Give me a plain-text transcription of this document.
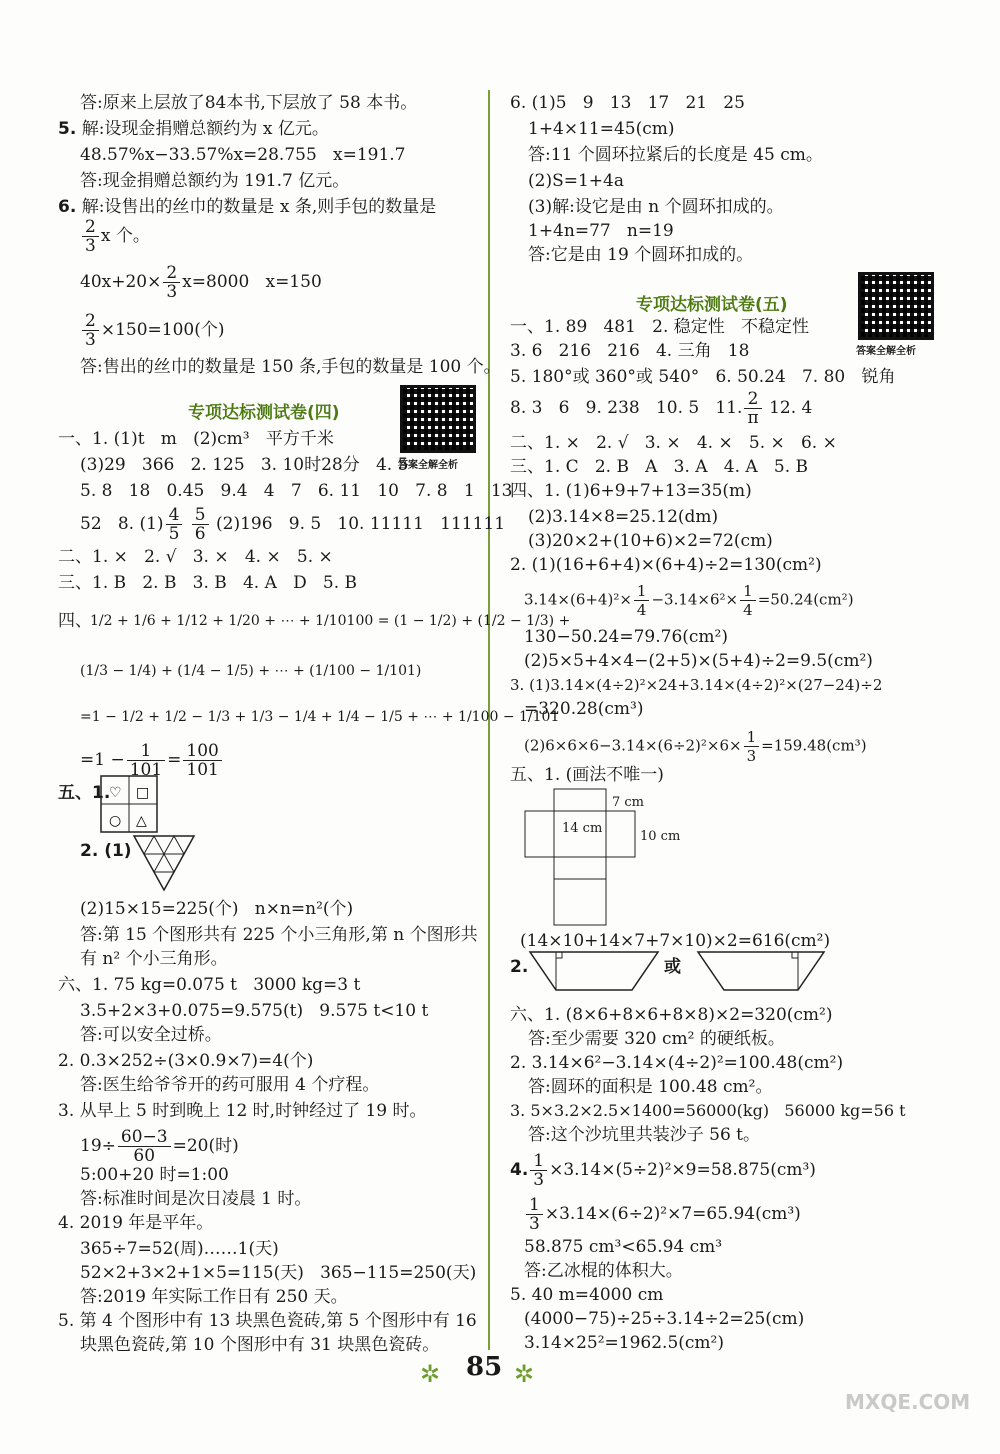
答:原来上层放了84本书,下层放了 58 本书。
5. 解:设现金捐赠总额约为 x 亿元。
48.57%x−33.57%x=28.755   x=191.7
答:现金捐赠总额约为 191.7 亿元。
6. 解:设售出的丝巾的数量是 x 条,则手包的数量是
$\frac{2}{3}$ x 个。
$40x+20\times \frac{2}{3} x=8000$   x=150
$\frac{2}{3} \times 150=100$(个)
答:售出的丝巾的数量是 150 条,手包的数量是 100 个。
专项达标测试卷(四)
答案全解全析
一、1. (1)t   m   (2)cm³   平方千米
(3)29   366   2. 125   3. 10时28分   4. 5
5. 8   18   0.45   9.4   4   7   6. 11   10   7. 8   1   13
52   8. $(1) \frac{4}{5}$
$\frac{5}{6} (2)196$   9. 5   10. 11111   111111
二、1. ×   2. √   3. ×   4. ×   5. ×
三、1. B   2. B   3. B   4. A   D   5. B
四、
1/2 + 1/6 + 1/12 + 1/20 + ⋯ + 1/10100 = (1 − 1/2) + (1/2 − 1/3) +
(1/3 − 1/4) + (1/4 − 1/5) + ⋯ + (1/100 − 1/101)
=1 − 1/2 + 1/2 − 1/3 + 1/3 − 1/4 + 1/4 − 1/5 + ⋯ + 1/100 − 1/101
$=1 - \frac{1}{101} = \frac{100}{101}$
五、1.
♡ □
○ △
2. (1)
(2)15×15=225(个)   n×n=n²(个)
答:第 15 个图形共有 225 个小三角形,第 n 个图形共
有 n² 个小三角形。
六、1. 75 kg=0.075 t   3000 kg=3 t
3.5+2×3+0.075=9.575(t)   9.575 t<10 t
答:可以安全过桥。
2. 0.3×252÷(3×0.9×7)=4(个)
答:医生给爷爷开的药可服用 4 个疗程。
3. 从早上 5 时到晚上 12 时,时钟经过了 19 时。
$19\div \frac{60-3}{60} =20$(时)
5:00+20 时=1:00
答:标准时间是次日凌晨 1 时。
4. 2019 年是平年。
365÷7=52(周)……1(天)
52×2+3×2+1×5=115(天)   365−115=250(天)
答:2019 年实际工作日有 250 天。
5. 第 4 个图形中有 13 块黑色瓷砖,第 5 个图形中有 16
块黑色瓷砖,第 10 个图形中有 31 块黑色瓷砖。
6. (1)5   9   13   17   21   25
1+4×11=45(cm)
答:11 个圆环拉紧后的长度是 45 cm。
(2)S=1+4a
(3)解:设它是由 n 个圆环扣成的。
1+4n=77   n=19
答:它是由 19 个圆环扣成的。
专项达标测试卷(五)
答案全解全析
一、1. 89   481   2. 稳定性   不稳定性
3. 6   216   216   4. 三角   18
5. 180°或 360°或 540°   6. 50.24   7. 80   锐角
8. 3   6   9. 238   10. 5   11. $\frac{2}{\pi} 12$. 4
二、1. ×   2. √   3. ×   4. ×   5. ×   6. ×
三、1. C   2. B   A   3. A   4. A   5. B
四、1. (1)6+9+7+13=35(m)
(2)3.14×8=25.12(dm)
(3)20×2+(10+6)×2=72(cm)
2. (1)(16+6+4)×(6+4)÷2=130(cm²)
$3.14\times(6+4)^2\times \frac{1}{4} -3.14\times 6^2\times \frac{1}{4} =50.24(cm^2)$
130−50.24=79.76(cm²)
(2)5×5+4×4−(2+5)×(5+4)÷2=9.5(cm²)
3. (1)3.14×(4÷2)²×24+3.14×(4÷2)²×(27−24)÷2
=320.28(cm³)
$(2)6\times 6\times 6-3.14\times(6\div 2)^2\times 6\times \frac{1}{3} =159.48(cm^3)$
五、1. (画法不唯一)
7 cm
14 cm
10 cm
(14×10+14×7+7×10)×2=616(cm²)
2.	或
六、1. (8×6+8×6+8×8)×2=320(cm²)
答:至少需要 320 cm² 的硬纸板。
2. 3.14×6²−3.14×(4÷2)²=100.48(cm²)
答:圆环的面积是 100.48 cm²。
3. 5×3.2×2.5×1400=56000(kg)   56000 kg=56 t
答:这个沙坑里共装沙子 56 t。
4. $\frac{1}{3} \times 3.14\times(5\div 2)^2\times 9=58.875(cm^3)$
$\frac{1}{3} \times 3.14\times(6\div 2)^2\times 7=65.94(cm^3)$
58.875 cm³<65.94 cm³
答:乙冰棍的体积大。
5. 40 m=4000 cm
(4000−75)÷25÷3.14÷2=25(cm)
3.14×25²=1962.5(cm²)
✲ 85 ✲
MXQE.COM
